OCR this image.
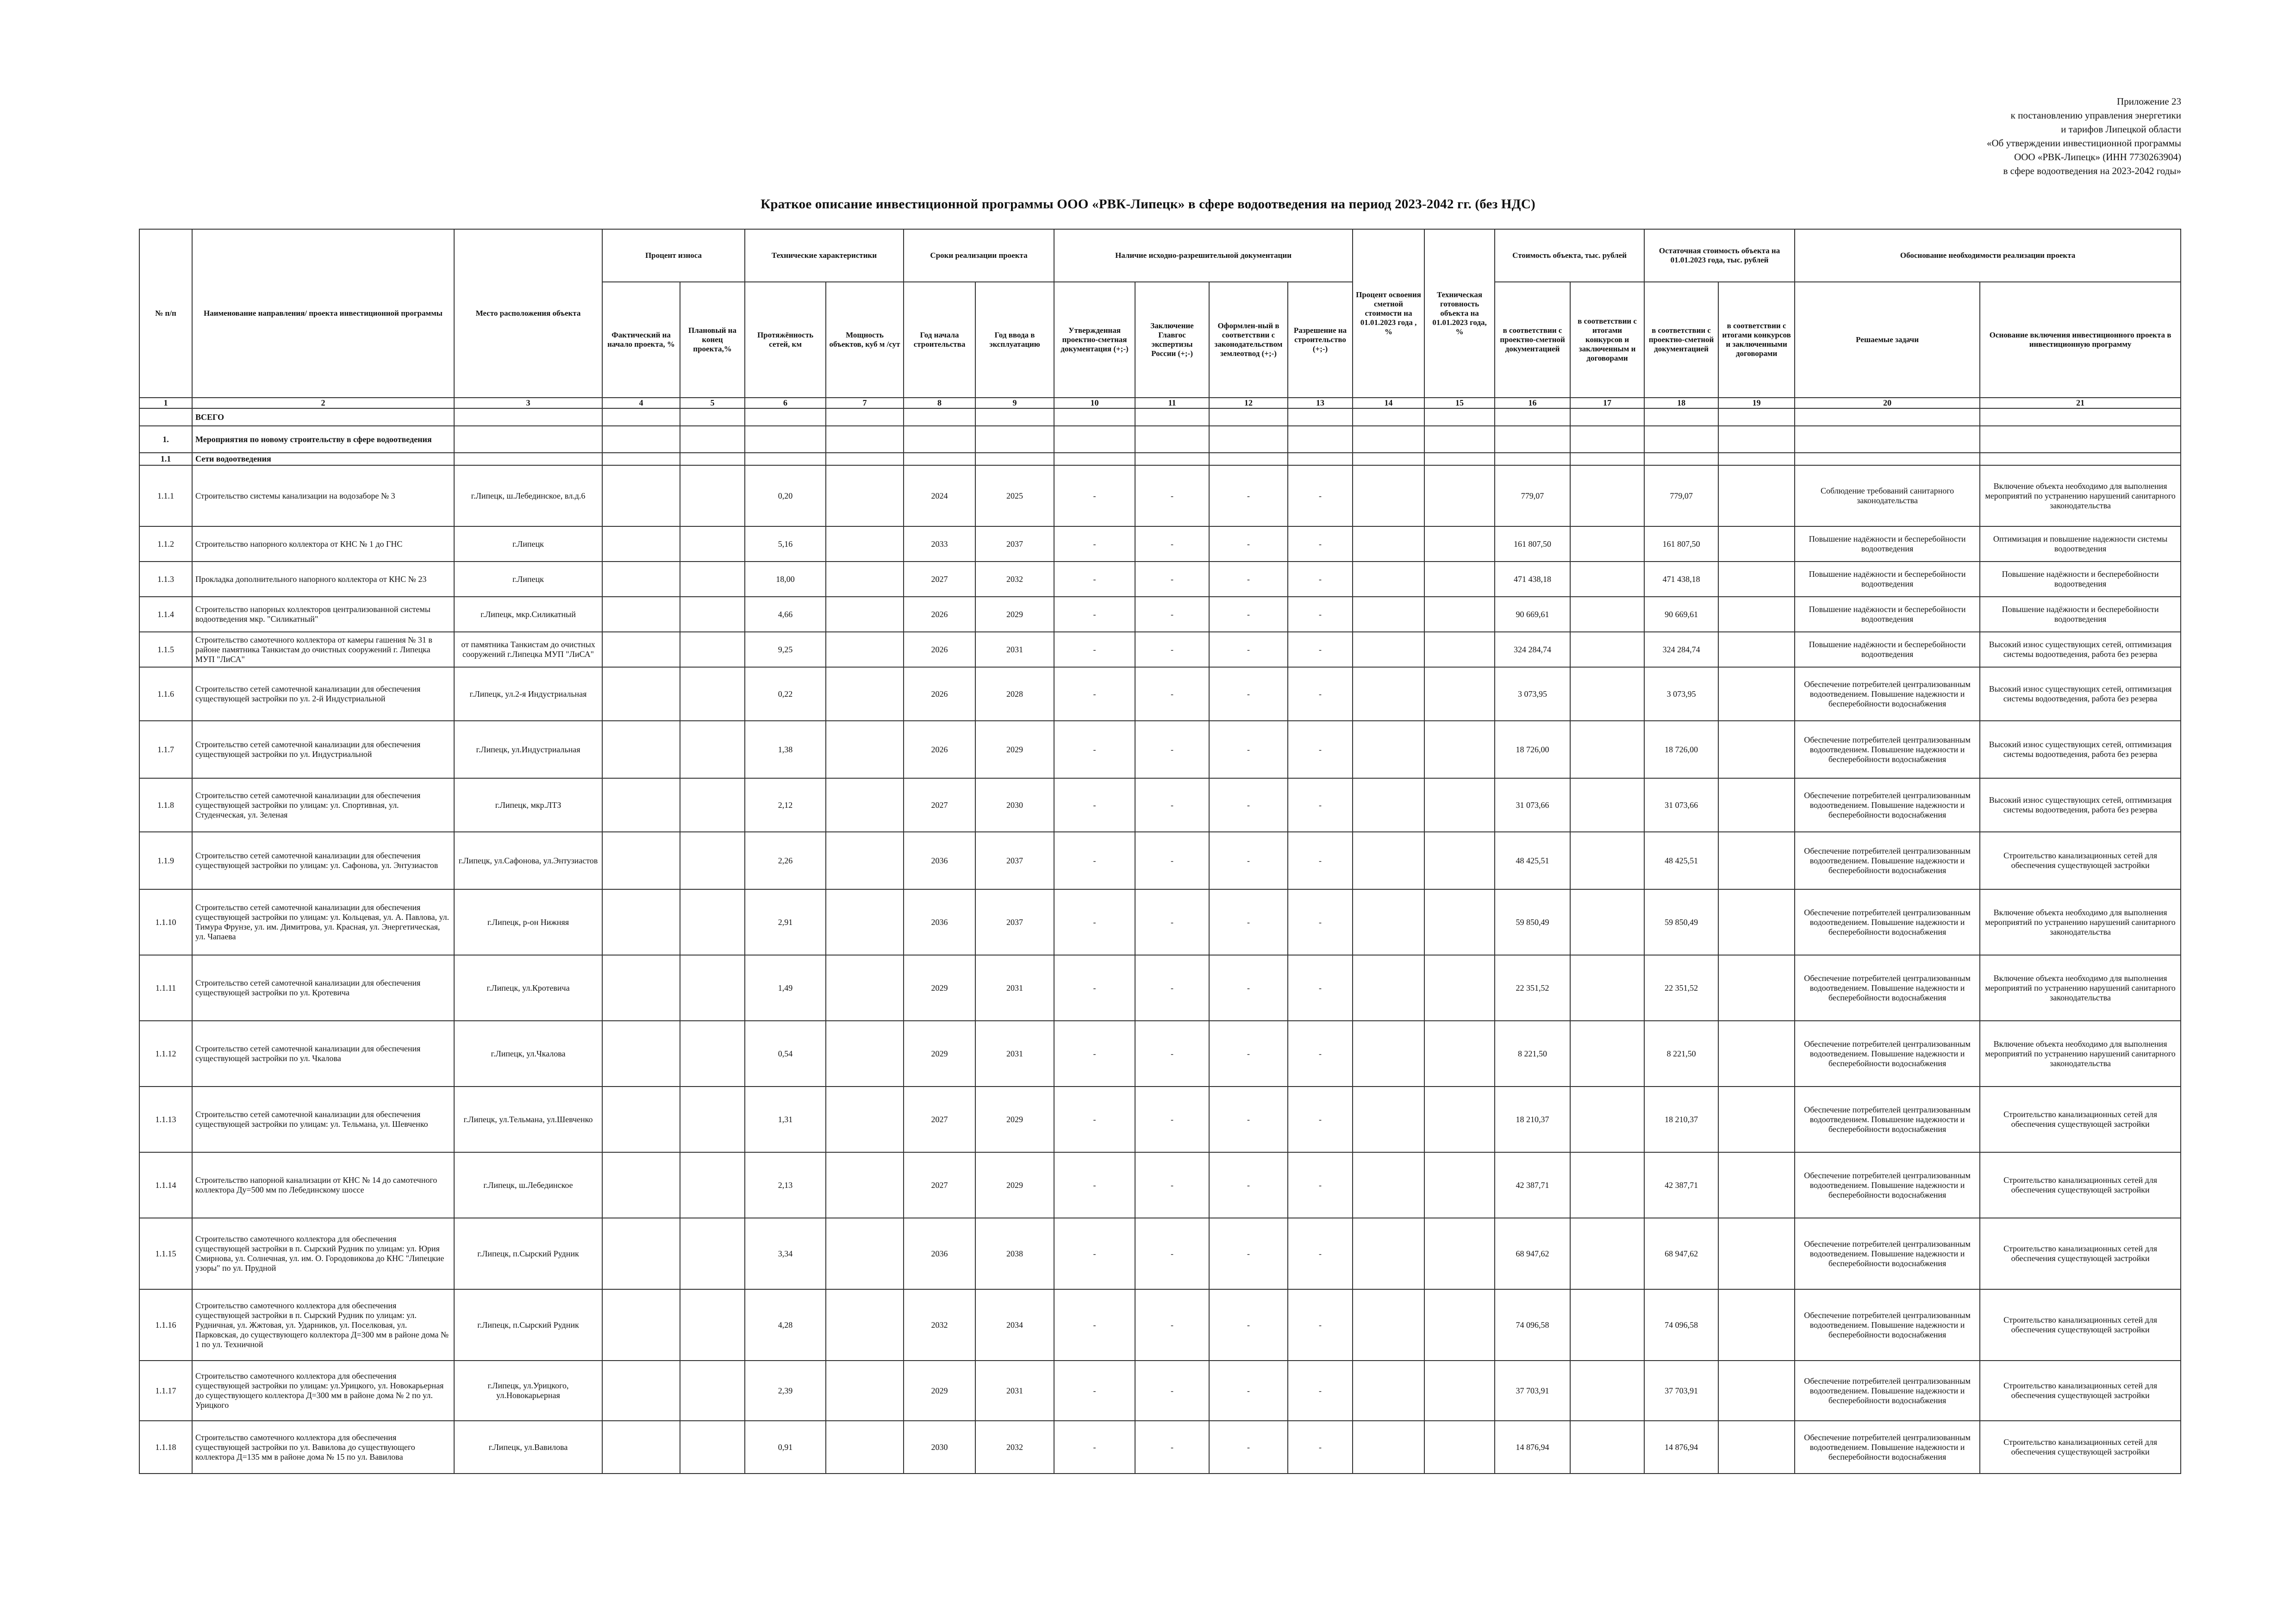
Приложение 23
к постановлению управления энергетики
и тарифов Липецкой области
«Об утверждении инвестиционной программы
ООО «РВК-Липецк» (ИНН 7730263904)
в сфере водоотведения на 2023-2042 годы»
Краткое описание инвестиционной программы ООО «РВК-Липецк» в сфере водоотведения на период 2023-2042 гг. (без НДС)
№ п/п	Наименование направления/ проекта инвестиционной программы	Место расположения объекта	Процент износа		Технические характеристики		Сроки реализации проекта		Наличие исходно-разрешительной документации				Процент освоения сметной стоимости на 01.01.2023 года , %	Техническая готовность объекта на 01.01.2023 года, %	Стоимость объекта, тыс. рублей		Остаточная стоимость объекта на 01.01.2023 года, тыс. рублей		Обоснование необходимости реализации проекта	
			Фактический на начало проекта, %	Плановый на конец проекта,%	Протяжённость сетей, км	Мощность объектов, куб м /сут	Год начала строительства	Год ввода в эксплуатацию	Утвержденная проектно-сметная документация (+;-)	Заключение Главгос экспертизы России (+;-)	Оформлен-ный в соответствии с законодательством землеотвод (+;-)	Разрешение на строительство (+;-)			в соответствии с проектно-сметной документацией	в соответствии с итогами конкурсов и заключенным и договорами	в соответствии с проектно-сметной документацией	в соответствии с итогами конкурсов и заключенными договорами	Решаемые задачи	Основание включения инвестиционного проекта в инвестиционную программу
1	2	3	4	5	6	7	8	9	10	11	12	13	14	15	16	17	18	19	20	21
	ВСЕГО																			
1.	Мероприятия по новому строительству в сфере водоотведения																			
1.1	Сети водоотведения																			
1.1.1	Строительство системы канализации на водозаборе № 3	г.Липецк, ш.Лебединское, вл.д.6			0,20		2024	2025	-	-	-	-			779,07		779,07		Соблюдение требований санитарного законодательства	Включение объекта необходимо для выполнения мероприятий по устранению нарушений санитарного законодательства
1.1.2	Строительство напорного коллектора от КНС № 1 до ГНС	г.Липецк			5,16		2033	2037	-	-	-	-			161 807,50		161 807,50		Повышение надёжности и бесперебойности водоотведения	Оптимизация и повышение надежности системы водоотведения
1.1.3	Прокладка дополнительного напорного коллектора от КНС № 23	г.Липецк			18,00		2027	2032	-	-	-	-			471 438,18		471 438,18		Повышение надёжности и бесперебойности водоотведения	Повышение надёжности и бесперебойности водоотведения
1.1.4	Строительство напорных коллекторов централизованной системы водоотведения мкр. "Силикатный"	г.Липецк, мкр.Силикатный			4,66		2026	2029	-	-	-	-			90 669,61		90 669,61		Повышение надёжности и бесперебойности водоотведения	Повышение надёжности и бесперебойности водоотведения
1.1.5	Строительство самотечного коллектора от камеры гашения № 31 в районе памятника Танкистам до очистных сооружений г. Липецка МУП "ЛиСА"	от памятника Танкистам до очистных сооружений г.Липецка МУП "ЛиСА"			9,25		2026	2031	-	-	-	-			324 284,74		324 284,74		Повышение надёжности и бесперебойности водоотведения	Высокий износ существующих сетей, оптимизация системы водоотведения, работа без резерва
1.1.6	Строительство сетей самотечной канализации для обеспечения существующей застройки по ул. 2-й Индустриальной	г.Липецк, ул.2-я Индустриальная			0,22		2026	2028	-	-	-	-			3 073,95		3 073,95		Обеспечение потребителей централизованным водоотведением. Повышение надежности и бесперебойности водоснабжения	Высокий износ существующих сетей, оптимизация системы водоотведения, работа без резерва
1.1.7	Строительство сетей самотечной канализации для обеспечения существующей застройки по ул. Индустриальной	г.Липецк, ул.Индустриальная			1,38		2026	2029	-	-	-	-			18 726,00		18 726,00		Обеспечение потребителей централизованным водоотведением. Повышение надежности и бесперебойности водоснабжения	Высокий износ существующих сетей, оптимизация системы водоотведения, работа без резерва
1.1.8	Строительство сетей самотечной канализации для обеспечения существующей застройки по улицам: ул. Спортивная, ул. Студенческая, ул. Зеленая	г.Липецк, мкр.ЛТЗ			2,12		2027	2030	-	-	-	-			31 073,66		31 073,66		Обеспечение потребителей централизованным водоотведением. Повышение надежности и бесперебойности водоснабжения	Высокий износ существующих сетей, оптимизация системы водоотведения, работа без резерва
1.1.9	Строительство сетей самотечной канализации для обеспечения существующей застройки по улицам: ул. Сафонова, ул. Энтузиастов	г.Липецк, ул.Сафонова, ул.Энтузиастов			2,26		2036	2037	-	-	-	-			48 425,51		48 425,51		Обеспечение потребителей централизованным водоотведением. Повышение надежности и бесперебойности водоснабжения	Строительство канализационных сетей для обеспечения существующей застройки
1.1.10	Строительство сетей самотечной канализации для обеспечения существующей застройки по улицам: ул. Кольцевая, ул. А. Павлова, ул. Тимура Фрунзе, ул. им. Димитрова, ул. Красная, ул. Энергетическая, ул. Чапаева	г.Липецк, р-он Нижняя			2,91		2036	2037	-	-	-	-			59 850,49		59 850,49		Обеспечение потребителей централизованным водоотведением. Повышение надежности и бесперебойности водоснабжения	Включение объекта необходимо для выполнения мероприятий по устранению нарушений санитарного законодательства
1.1.11	Строительство сетей самотечной канализации для обеспечения существующей застройки по ул. Кротевича	г.Липецк, ул.Кротевича			1,49		2029	2031	-	-	-	-			22 351,52		22 351,52		Обеспечение потребителей централизованным водоотведением. Повышение надежности и бесперебойности водоснабжения	Включение объекта необходимо для выполнения мероприятий по устранению нарушений санитарного законодательства
1.1.12	Строительство сетей самотечной канализации для обеспечения существующей застройки по ул. Чкалова	г.Липецк, ул.Чкалова			0,54		2029	2031	-	-	-	-			8 221,50		8 221,50		Обеспечение потребителей централизованным водоотведением. Повышение надежности и бесперебойности водоснабжения	Включение объекта необходимо для выполнения мероприятий по устранению нарушений санитарного законодательства
1.1.13	Строительство сетей самотечной канализации для обеспечения существующей застройки по улицам: ул. Тельмана, ул. Шевченко	г.Липецк, ул.Тельмана, ул.Шевченко			1,31		2027	2029	-	-	-	-			18 210,37		18 210,37		Обеспечение потребителей централизованным водоотведением. Повышение надежности и бесперебойности водоснабжения	Строительство канализационных сетей для обеспечения существующей застройки
1.1.14	Строительство напорной канализации от КНС № 14 до самотечного коллектора Ду=500 мм по Лебединскому шоссе	г.Липецк, ш.Лебединское			2,13		2027	2029	-	-	-	-			42 387,71		42 387,71		Обеспечение потребителей централизованным водоотведением. Повышение надежности и бесперебойности водоснабжения	Строительство канализационных сетей для обеспечения существующей застройки
1.1.15	Строительство самотечного коллектора для обеспечения существующей застройки в п. Сырский Рудник по улицам: ул. Юрия Смирнова, ул. Солнечная, ул. им. О. Городовикова до КНС "Липецкие узоры" по ул. Прудной	г.Липецк, п.Сырский Рудник			3,34		2036	2038	-	-	-	-			68 947,62		68 947,62		Обеспечение потребителей централизованным водоотведением. Повышение надежности и бесперебойности водоснабжения	Строительство канализационных сетей для обеспечения существующей застройки
1.1.16	Строительство самотечного коллектора для обеспечения существующей застройки в п. Сырский Рудник по улицам: ул. Рудничная, ул. Жжтовая, ул. Ударников, ул. Поселковая, ул. Парковская, до существующего коллектора Д=300 мм в районе дома № 1 по ул. Техничной	г.Липецк, п.Сырский Рудник			4,28		2032	2034	-	-	-	-			74 096,58		74 096,58		Обеспечение потребителей централизованным водоотведением. Повышение надежности и бесперебойности водоснабжения	Строительство канализационных сетей для обеспечения существующей застройки
1.1.17	Строительство самотечного коллектора для обеспечения существующей застройки по улицам: ул.Урицкого, ул. Новокарьерная до существующего коллектора Д=300 мм в районе дома № 2 по ул. Урицкого	г.Липецк, ул.Урицкого, ул.Новокарьерная			2,39		2029	2031	-	-	-	-			37 703,91		37 703,91		Обеспечение потребителей централизованным водоотведением. Повышение надежности и бесперебойности водоснабжения	Строительство канализационных сетей для обеспечения существующей застройки
1.1.18	Строительство самотечного коллектора для обеспечения существующей застройки по ул. Вавилова до существующего коллектора Д=135 мм в районе дома № 15 по ул. Вавилова	г.Липецк, ул.Вавилова			0,91		2030	2032	-	-	-	-			14 876,94		14 876,94		Обеспечение потребителей централизованным водоотведением. Повышение надежности и бесперебойности водоснабжения	Строительство канализационных сетей для обеспечения существующей застройки
